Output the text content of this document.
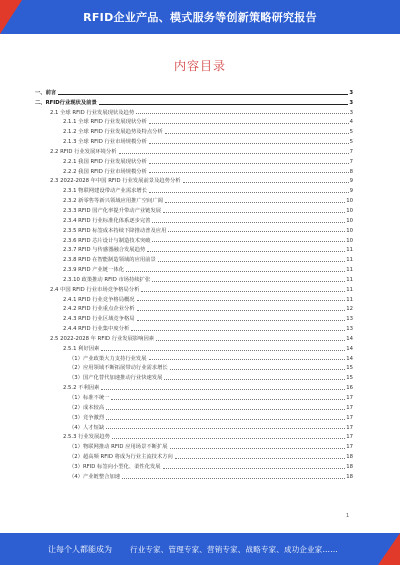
RFID企业产品、模式服务等创新策略研究报告
内容目录
一、前言	3
二、RFID行业现状及前景	3
2.1 全球 RFID 行业发展现状及趋势	3
2.1.1 全球 RFID 行业发展现状分析	4
2.1.2 全球 RFID 行业发展趋势及特点分析	5
2.1.3 全球 RFID 行业市场规模分析	5
2.2 RFID 行业发展环境分析	7
2.2.1 我国 RFID 行业发展现状分析	7
2.2.2 我国 RFID 行业市场规模分析	8
2.3 2022-2028 年中国 RFID 行业发展前景及趋势分析	9
2.3.1 物联网建设带动产业需求增长	9
2.3.2 新零售等新兴领域应用推广空间广阔	10
2.3.3 RFID 国产化率提升带动产业链发展	10
2.3.4 RFID 行业标准化体系逐步完善	10
2.3.5 RFID 标签成本持续下降推动普及应用	10
2.3.6 RFID 芯片设计与制造技术突破	10
2.3.7 RFID 与传感器融合发展趋势	11
2.3.8 RFID 在智能制造领域的应用前景	11
2.3.9 RFID 产业链一体化	11
2.3.10 政策推动 RFID 市场持续扩张	11
2.4 中国 RFID 行业市场竞争格局分析	11
2.4.1 RFID 行业竞争格局概况	11
2.4.2 RFID 行业重点企业分析	12
2.4.3 RFID 行业区域竞争格局	13
2.4.4 RFID 行业集中度分析	13
2.5 2022-2028 年 RFID 行业发展影响因素	14
2.5.1 利好因素	14
（1）产业政策大力支持行业发展	14
（2）应用领域不断拓展带动行业需求增长	15
（3）国产化替代加速推动行业快速发展	15
2.5.2 不利因素	16
（1）标准不统一	17
（2）成本较高	17
（3）竞争激烈	17
（4）人才短缺	17
2.5.3 行业发展趋势	17
（1）物联网推动 RFID 应用场景不断扩展	17
（2）超高频 RFID 将成为行业主流技术方向	18
（3）RFID 标签向小型化、柔性化发展	18
（4）产业链整合加速	18
1
让每个人都能成为 行业专家、管理专家、营销专家、战略专家、成功企业家……
